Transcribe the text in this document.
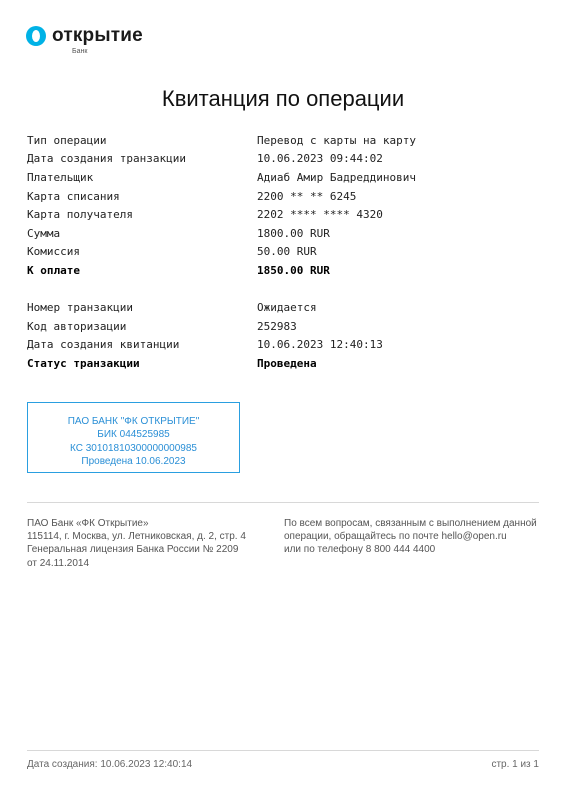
открытие
Банк
Квитанция по операции
Тип операции	Перевод с карты на карту
Дата создания транзакции	10.06.2023 09:44:02
Плательщик	Адиаб Амир Бадреддинович
Карта списания	2200 ** ** 6245
Карта получателя	2202 **** **** 4320
Сумма	1800.00 RUR
Комиссия	50.00 RUR
К оплате	1850.00 RUR
Номер транзакции	Ожидается
Код авторизации	252983
Дата создания квитанции	10.06.2023 12:40:13
Статус транзакции	Проведена
ПАО БАНК "ФК ОТКРЫТИЕ"
БИК 044525985
КС 30101810300000000985
Проведена 10.06.2023
ПАО Банк «ФК Открытие»
115114, г. Москва, ул. Летниковская, д. 2, стр. 4
Генеральная лицензия Банка России № 2209
от 24.11.2014
По всем вопросам, связанным с выполнением данной
операции, обращайтесь по почте hello@open.ru
или по телефону 8 800 444 4400
Дата создания: 10.06.2023 12:40:14	стр. 1 из 1
